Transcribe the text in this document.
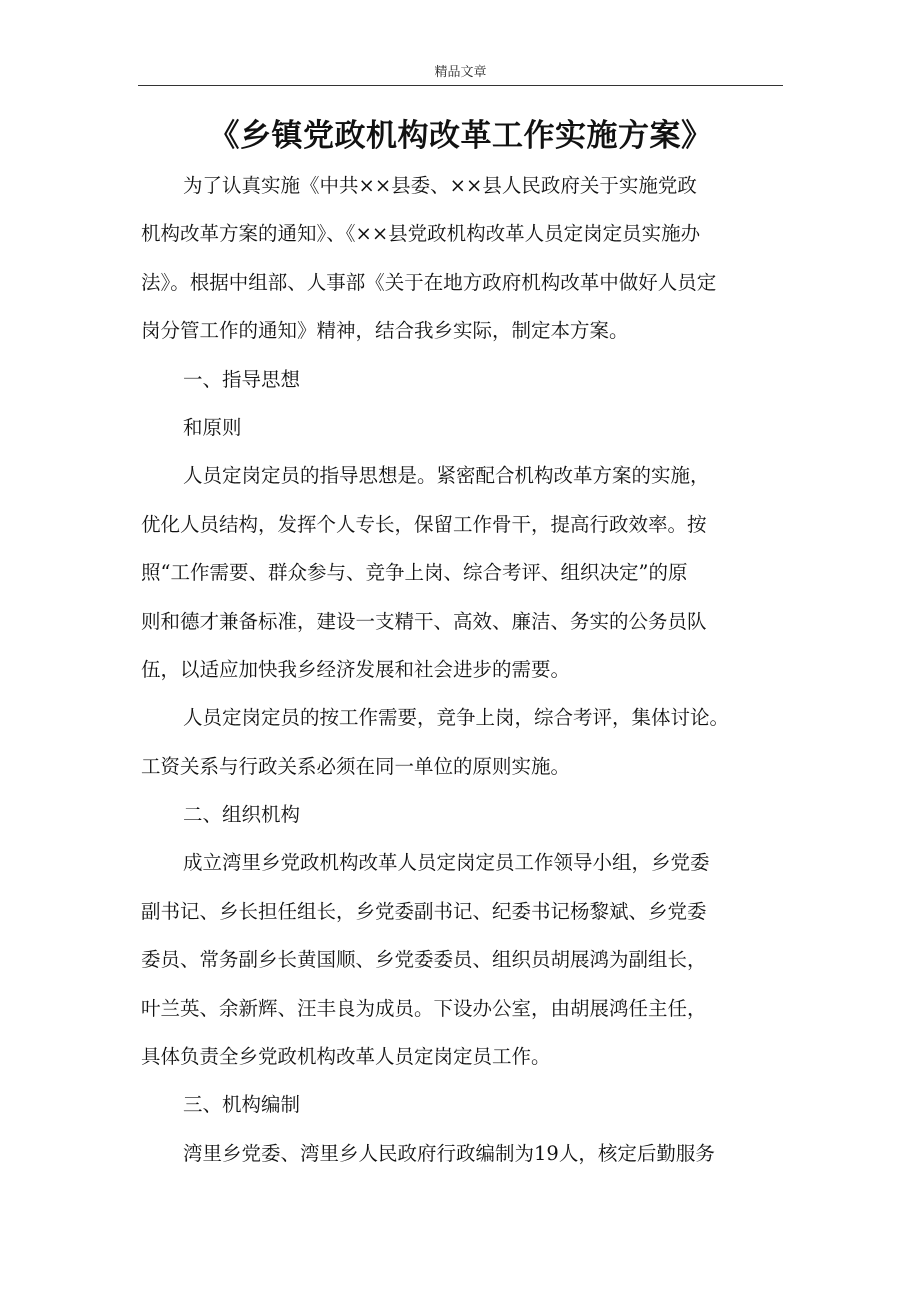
精品文章
《乡镇党政机构改革工作实施方案》
为了认真实施《中共××县委、××县人民政府关于实施党政
机构改革方案的通知》、《××县党政机构改革人员定岗定员实施办
法》。根据中组部、人事部《关于在地方政府机构改革中做好人员定
岗分管工作的通知》精神，结合我乡实际，制定本方案。
一、指导思想
和原则
人员定岗定员的指导思想是。紧密配合机构改革方案的实施，
优化人员结构，发挥个人专长，保留工作骨干，提高行政效率。按
照“工作需要、群众参与、竞争上岗、综合考评、组织决定”的原
则和德才兼备标准，建设一支精干、高效、廉洁、务实的公务员队
伍，以适应加快我乡经济发展和社会进步的需要。
人员定岗定员的按工作需要，竞争上岗，综合考评，集体讨论。
工资关系与行政关系必须在同一单位的原则实施。
二、组织机构
成立湾里乡党政机构改革人员定岗定员工作领导小组，乡党委
副书记、乡长担任组长，乡党委副书记、纪委书记杨黎斌、乡党委
委员、常务副乡长黄国顺、乡党委委员、组织员胡展鸿为副组长，
叶兰英、余新辉、汪丰良为成员。下设办公室，由胡展鸿任主任，
具体负责全乡党政机构改革人员定岗定员工作。
三、机构编制
湾里乡党委、湾里乡人民政府行政编制为19人，核定后勤服务
